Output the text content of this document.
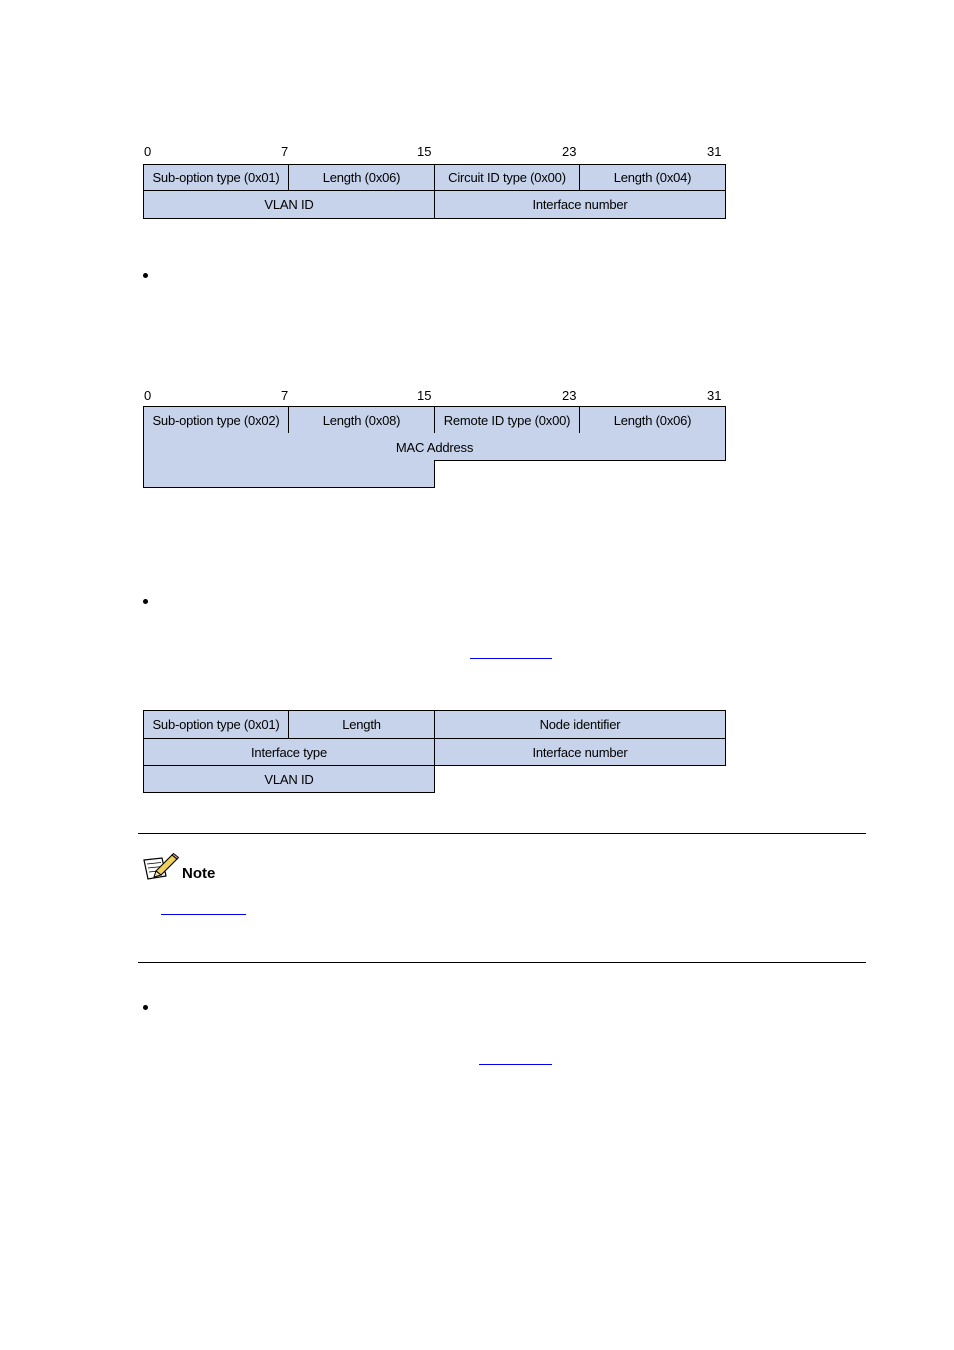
0	7	15	23	31
Sub-option type (0x01)	Length (0x06)	Circuit ID type (0x00)	Length (0x04)
VLAN ID	Interface number
0	7	15	23	31
Sub-option type (0x02)	Length (0x08)	Remote ID type (0x00)	Length (0x06)
MAC Address
Sub-option type (0x01)	Length	Node identifier
Interface type	Interface number
VLAN ID
Note
